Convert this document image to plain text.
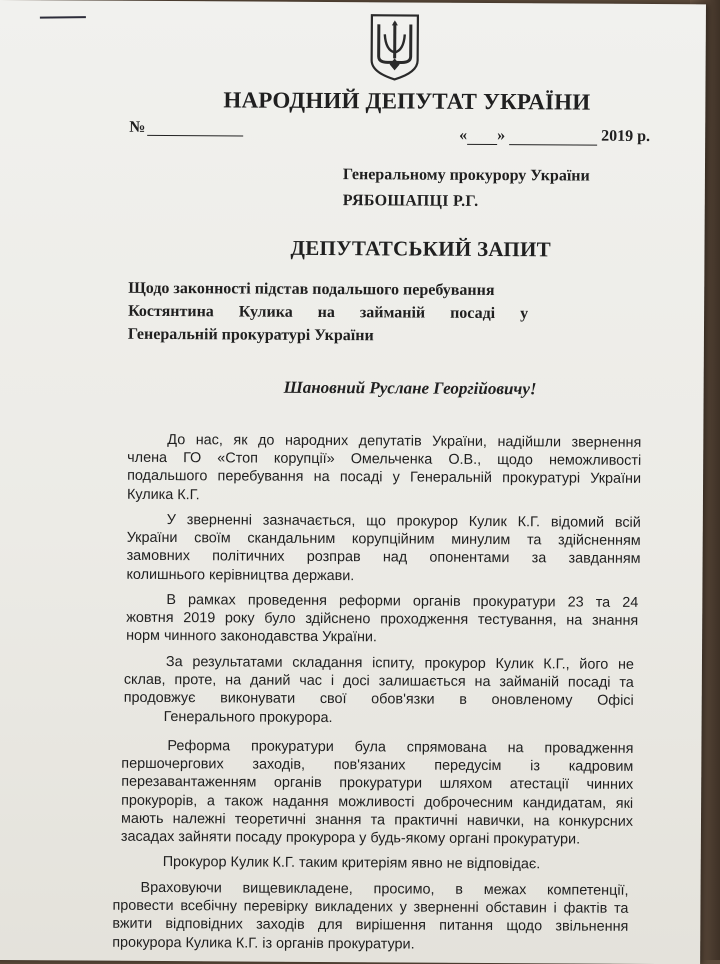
НАРОДНИЙ ДЕПУТАТ УКРАЇНИ
№	« »	2019 р.
Генеральному прокурору України
РЯБОШАПЦІ Р.Г.
ДЕПУТАТСЬКИЙ ЗАПИТ
Щодо законності підстав подальшого перебування
Костянтина Кулика на займаній посаді у
Генеральній прокуратурі України
Шановний Руслане Георгійовичу!
До нас, як до народних депутатів України, надійшли звернення
члена ГО «Стоп корупції» Омельченка О.В., щодо неможливості
подальшого перебування на посаді у Генеральній прокуратурі України
Кулика К.Г.
У зверненні зазначається, що прокурор Кулик К.Г. відомий всій
України своїм скандальним корупційним минулим та здійсненням
замовних політичних розправ над опонентами за завданням
колишнього керівництва держави.
В рамках проведення реформи органів прокуратури 23 та 24
жовтня 2019 року було здійснено проходження тестування, на знання
норм чинного законодавства України.
За результатами складання іспиту, прокурор Кулик К.Г., його не
склав, проте, на даний час і досі залишається на займаній посаді та
продовжує виконувати свої обов'язки в оновленому Офісі
Генерального прокурора.
Реформа прокуратури була спрямована на провадження
першочергових заходів, пов'язаних передусім із кадровим
перезавантаженням органів прокуратури шляхом атестації чинних
прокурорів, а також надання можливості доброчесним кандидатам, які
мають належні теоретичні знання та практичні навички, на конкурсних
засадах зайняти посаду прокурора у будь-якому органі прокуратури.
Прокурор Кулик К.Г. таким критеріям явно не відповідає.
Враховуючи вищевикладене, просимо, в межах компетенції,
провести всебічну перевірку викладених у зверненні обставин і фактів та
вжити відповідних заходів для вирішення питання щодо звільнення
прокурора Кулика К.Г. із органів прокуратури.
